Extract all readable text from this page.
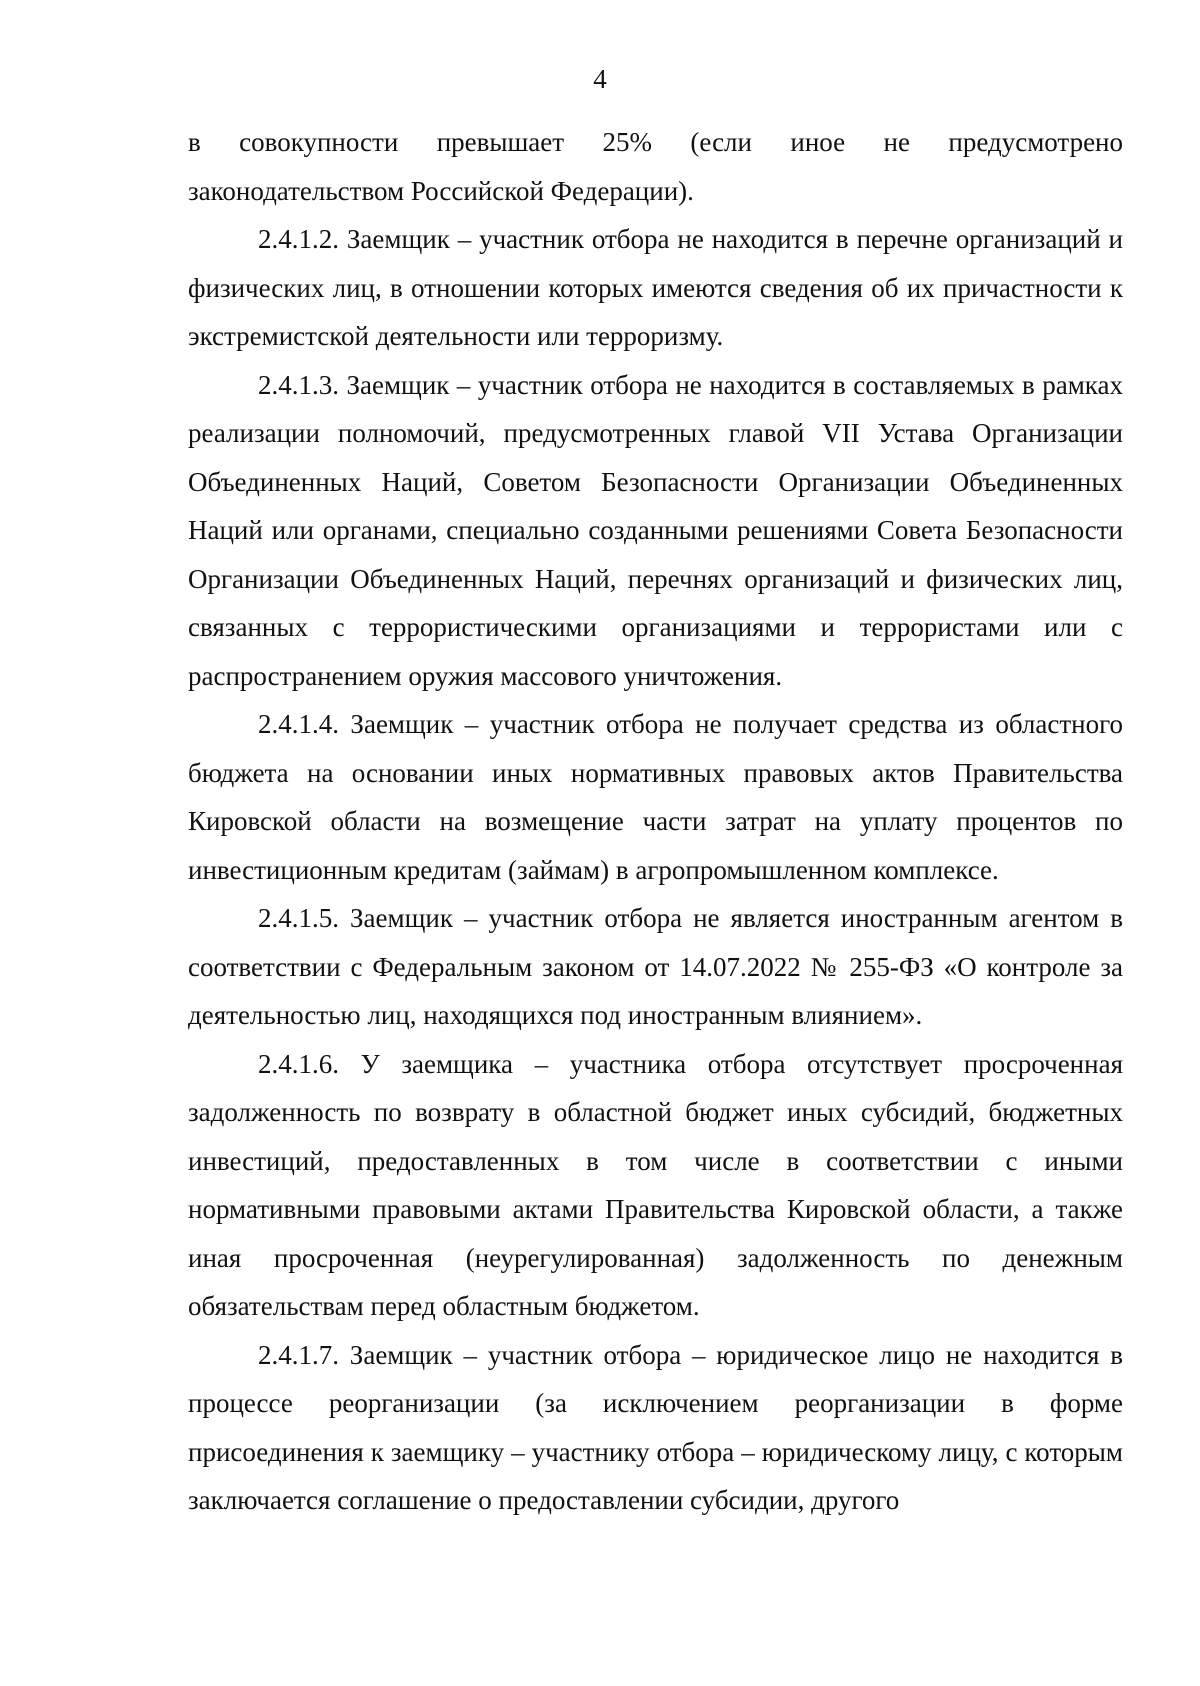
4

в совокупности превышает 25% (если иное не предусмотрено законодательством Российской Федерации).

2.4.1.2. Заемщик – участник отбора не находится в перечне организаций и физических лиц, в отношении которых имеются сведения об их причастности к экстремистской деятельности или терроризму.

2.4.1.3. Заемщик – участник отбора не находится в составляемых в рамках реализации полномочий, предусмотренных главой VII Устава Организации Объединенных Наций, Советом Безопасности Организации Объединенных Наций или органами, специально созданными решениями Совета Безопасности Организации Объединенных Наций, перечнях организаций и физических лиц, связанных с террористическими организациями и террористами или с распространением оружия массового уничтожения.

2.4.1.4. Заемщик – участник отбора не получает средства из областного бюджета на основании иных нормативных правовых актов Правительства Кировской области на возмещение части затрат на уплату процентов по инвестиционным кредитам (займам) в агропромышленном комплексе.

2.4.1.5. Заемщик – участник отбора не является иностранным агентом в соответствии с Федеральным законом от 14.07.2022 № 255-ФЗ «О контроле за деятельностью лиц, находящихся под иностранным влиянием».

2.4.1.6. У заемщика – участника отбора отсутствует просроченная задолженность по возврату в областной бюджет иных субсидий, бюджетных инвестиций, предоставленных в том числе в соответствии с иными нормативными правовыми актами Правительства Кировской области, а также иная просроченная (неурегулированная) задолженность по денежным обязательствам перед областным бюджетом.

2.4.1.7. Заемщик – участник отбора – юридическое лицо не находится в процессе реорганизации (за исключением реорганизации в форме присоединения к заемщику – участнику отбора – юридическому лицу, с которым заключается соглашение о предоставлении субсидии, другого
